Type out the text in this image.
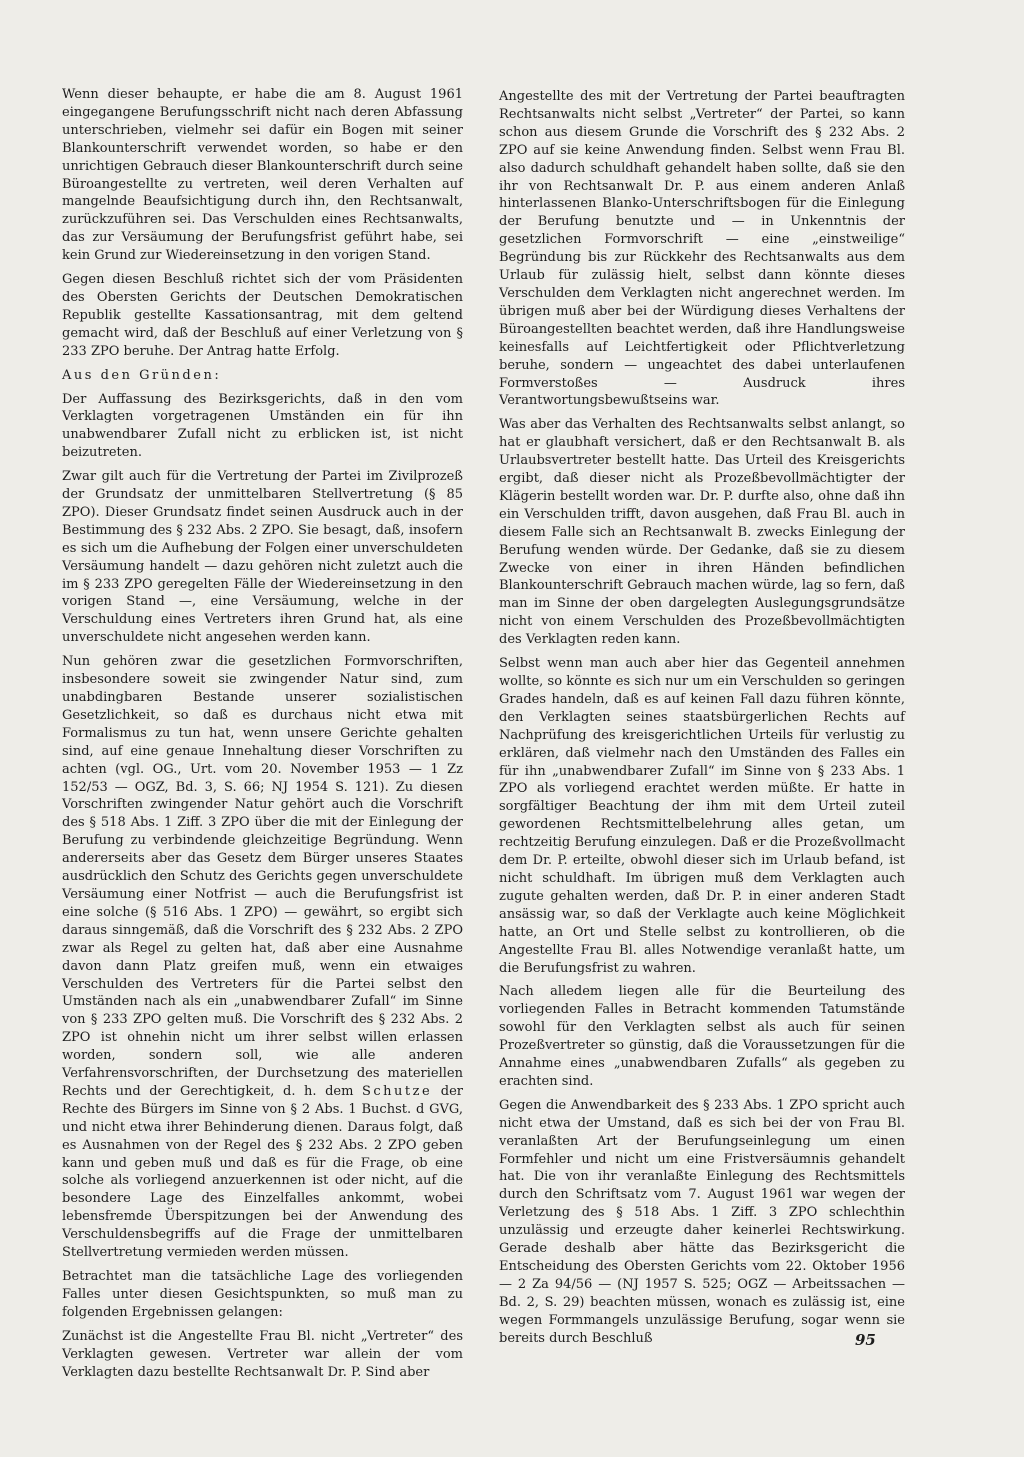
Wenn dieser behaupte, er habe die am 8. August 1961 eingegangene Berufungsschrift nicht nach deren Abfassung unterschrieben, vielmehr sei dafür ein Bogen mit seiner Blankounterschrift verwendet worden, so habe er den unrichtigen Gebrauch dieser Blankounterschrift durch seine Büroangestellte zu vertreten, weil deren Verhalten auf mangelnde Beaufsichtigung durch ihn, den Rechtsanwalt, zurückzuführen sei. Das Verschulden eines Rechtsanwalts, das zur Versäumung der Berufungsfrist geführt habe, sei kein Grund zur Wiedereinsetzung in den vorigen Stand.

Gegen diesen Beschluß richtet sich der vom Präsidenten des Obersten Gerichts der Deutschen Demokratischen Republik gestellte Kassationsantrag, mit dem geltend gemacht wird, daß der Beschluß auf einer Verletzung von § 233 ZPO beruhe. Der Antrag hatte Erfolg.

Aus den Gründen:

Der Auffassung des Bezirksgerichts, daß in den vom Verklagten vorgetragenen Umständen ein für ihn unabwendbarer Zufall nicht zu erblicken ist, ist nicht beizutreten.

Zwar gilt auch für die Vertretung der Partei im Zivilprozeß der Grundsatz der unmittelbaren Stellvertretung (§ 85 ZPO). Dieser Grundsatz findet seinen Ausdruck auch in der Bestimmung des § 232 Abs. 2 ZPO. Sie besagt, daß, insofern es sich um die Aufhebung der Folgen einer unverschuldeten Versäumung handelt — dazu gehören nicht zuletzt auch die im § 233 ZPO geregelten Fälle der Wiedereinsetzung in den vorigen Stand —, eine Versäumung, welche in der Verschuldung eines Vertreters ihren Grund hat, als eine unverschuldete nicht angesehen werden kann.

Nun gehören zwar die gesetzlichen Formvorschriften, insbesondere soweit sie zwingender Natur sind, zum unabdingbaren Bestande unserer sozialistischen Gesetzlichkeit, so daß es durchaus nicht etwa mit Formalismus zu tun hat, wenn unsere Gerichte gehalten sind, auf eine genaue Innehaltung dieser Vorschriften zu achten (vgl. OG., Urt. vom 20. November 1953 — 1 Zz 152/53 — OGZ, Bd. 3, S. 66; NJ 1954 S. 121). Zu diesen Vorschriften zwingender Natur gehört auch die Vorschrift des § 518 Abs. 1 Ziff. 3 ZPO über die mit der Einlegung der Berufung zu verbindende gleichzeitige Begründung. Wenn andererseits aber das Gesetz dem Bürger unseres Staates ausdrücklich den Schutz des Gerichts gegen unverschuldete Versäumung einer Notfrist — auch die Berufungsfrist ist eine solche (§ 516 Abs. 1 ZPO) — gewährt, so ergibt sich daraus sinngemäß, daß die Vorschrift des § 232 Abs. 2 ZPO zwar als Regel zu gelten hat, daß aber eine Ausnahme davon dann Platz greifen muß, wenn ein etwaiges Verschulden des Vertreters für die Partei selbst den Umständen nach als ein „unabwendbarer Zufall“ im Sinne von § 233 ZPO gelten muß. Die Vorschrift des § 232 Abs. 2 ZPO ist ohnehin nicht um ihrer selbst willen erlassen worden, sondern soll, wie alle anderen Verfahrensvorschriften, der Durchsetzung des materiellen Rechts und der Gerechtigkeit, d. h. dem Schutze der Rechte des Bürgers im Sinne von § 2 Abs. 1 Buchst. d GVG, und nicht etwa ihrer Behinderung dienen. Daraus folgt, daß es Ausnahmen von der Regel des § 232 Abs. 2 ZPO geben kann und geben muß und daß es für die Frage, ob eine solche als vorliegend anzuerkennen ist oder nicht, auf die besondere Lage des Einzelfalles ankommt, wobei lebensfremde Überspitzungen bei der Anwendung des Verschuldensbegriffs auf die Frage der unmittelbaren Stellvertretung vermieden werden müssen.

Betrachtet man die tatsächliche Lage des vorliegenden Falles unter diesen Gesichtspunkten, so muß man zu folgenden Ergebnissen gelangen:

Zunächst ist die Angestellte Frau Bl. nicht „Vertreter“ des Verklagten gewesen. Vertreter war allein der vom Verklagten dazu bestellte Rechtsanwalt Dr. P. Sind aber

Angestellte des mit der Vertretung der Partei beauftragten Rechtsanwalts nicht selbst „Vertreter“ der Partei, so kann schon aus diesem Grunde die Vorschrift des § 232 Abs. 2 ZPO auf sie keine Anwendung finden. Selbst wenn Frau Bl. also dadurch schuldhaft gehandelt haben sollte, daß sie den ihr von Rechtsanwalt Dr. P. aus einem anderen Anlaß hinterlassenen Blanko-Unterschriftsbogen für die Einlegung der Berufung benutzte und — in Unkenntnis der gesetzlichen Formvorschrift — eine „einstweilige“ Begründung bis zur Rückkehr des Rechtsanwalts aus dem Urlaub für zulässig hielt, selbst dann könnte dieses Verschulden dem Verklagten nicht angerechnet werden. Im übrigen muß aber bei der Würdigung dieses Verhaltens der Büroangestellten beachtet werden, daß ihre Handlungsweise keinesfalls auf Leichtfertigkeit oder Pflichtverletzung beruhe, sondern — ungeachtet des dabei unterlaufenen Formverstoßes — Ausdruck ihres Verantwortungsbewußtseins war.

Was aber das Verhalten des Rechtsanwalts selbst anlangt, so hat er glaubhaft versichert, daß er den Rechtsanwalt B. als Urlaubsvertreter bestellt hatte. Das Urteil des Kreisgerichts ergibt, daß dieser nicht als Prozeßbevollmächtigter der Klägerin bestellt worden war. Dr. P. durfte also, ohne daß ihn ein Verschulden trifft, davon ausgehen, daß Frau Bl. auch in diesem Falle sich an Rechtsanwalt B. zwecks Einlegung der Berufung wenden würde. Der Gedanke, daß sie zu diesem Zwecke von einer in ihren Händen befindlichen Blankounterschrift Gebrauch machen würde, lag so fern, daß man im Sinne der oben dargelegten Auslegungsgrundsätze nicht von einem Verschulden des Prozeßbevollmächtigten des Verklagten reden kann.

Selbst wenn man auch aber hier das Gegenteil annehmen wollte, so könnte es sich nur um ein Verschulden so geringen Grades handeln, daß es auf keinen Fall dazu führen könnte, den Verklagten seines staatsbürgerlichen Rechts auf Nachprüfung des kreisgerichtlichen Urteils für verlustig zu erklären, daß vielmehr nach den Umständen des Falles ein für ihn „unabwendbarer Zufall“ im Sinne von § 233 Abs. 1 ZPO als vorliegend erachtet werden müßte. Er hatte in sorgfältiger Beachtung der ihm mit dem Urteil zuteil gewordenen Rechtsmittelbelehrung alles getan, um rechtzeitig Berufung einzulegen. Daß er die Prozeßvollmacht dem Dr. P. erteilte, obwohl dieser sich im Urlaub befand, ist nicht schuldhaft. Im übrigen muß dem Verklagten auch zugute gehalten werden, daß Dr. P. in einer anderen Stadt ansässig war, so daß der Verklagte auch keine Möglichkeit hatte, an Ort und Stelle selbst zu kontrollieren, ob die Angestellte Frau Bl. alles Notwendige veranlaßt hatte, um die Berufungsfrist zu wahren.

Nach alledem liegen alle für die Beurteilung des vorliegenden Falles in Betracht kommenden Tatumstände sowohl für den Verklagten selbst als auch für seinen Prozeßvertreter so günstig, daß die Voraussetzungen für die Annahme eines „unabwendbaren Zufalls“ als gegeben zu erachten sind.

Gegen die Anwendbarkeit des § 233 Abs. 1 ZPO spricht auch nicht etwa der Umstand, daß es sich bei der von Frau Bl. veranlaßten Art der Berufungseinlegung um einen Formfehler und nicht um eine Fristversäumnis gehandelt hat. Die von ihr veranlaßte Einlegung des Rechtsmittels durch den Schriftsatz vom 7. August 1961 war wegen der Verletzung des § 518 Abs. 1 Ziff. 3 ZPO schlechthin unzulässig und erzeugte daher keinerlei Rechtswirkung. Gerade deshalb aber hätte das Bezirksgericht die Entscheidung des Obersten Gerichts vom 22. Oktober 1956 — 2 Za 94/56 — (NJ 1957 S. 525; OGZ — Arbeitssachen — Bd. 2, S. 29) beachten müssen, wonach es zulässig ist, eine wegen Formmangels unzulässige Berufung, sogar wenn sie bereits durch Beschluß	95
